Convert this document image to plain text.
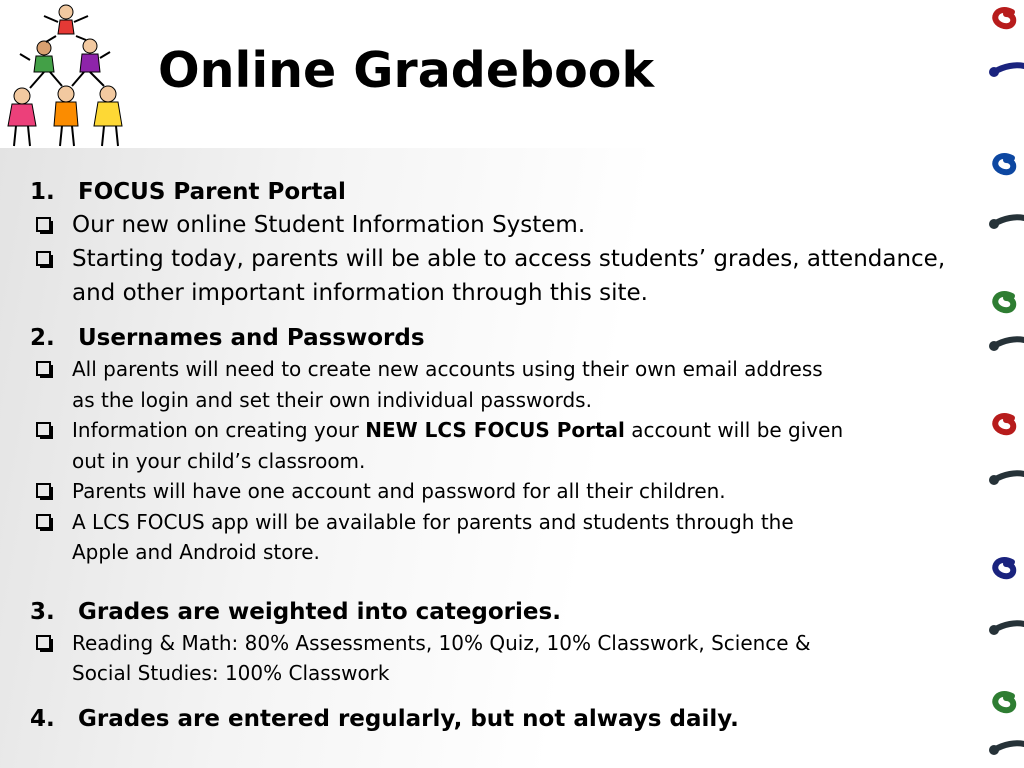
Online Gradebook
1. FOCUS Parent Portal
Our new online Student Information System.
Starting today, parents will be able to access students’ grades, attendance, and other important information through this site.
2. Usernames and Passwords
All parents will need to create new accounts using their own email address
as the login and set their own individual passwords.
Information on creating your NEW LCS FOCUS Portal account will be given
out in your child’s classroom.
Parents will have one account and password for all their children.
A LCS FOCUS app will be available for parents and students through the
Apple and Android store.
3. Grades are weighted into categories.
Reading & Math: 80% Assessments, 10% Quiz, 10% Classwork, Science &
Social Studies: 100% Classwork
4. Grades are entered regularly, but not always daily.
